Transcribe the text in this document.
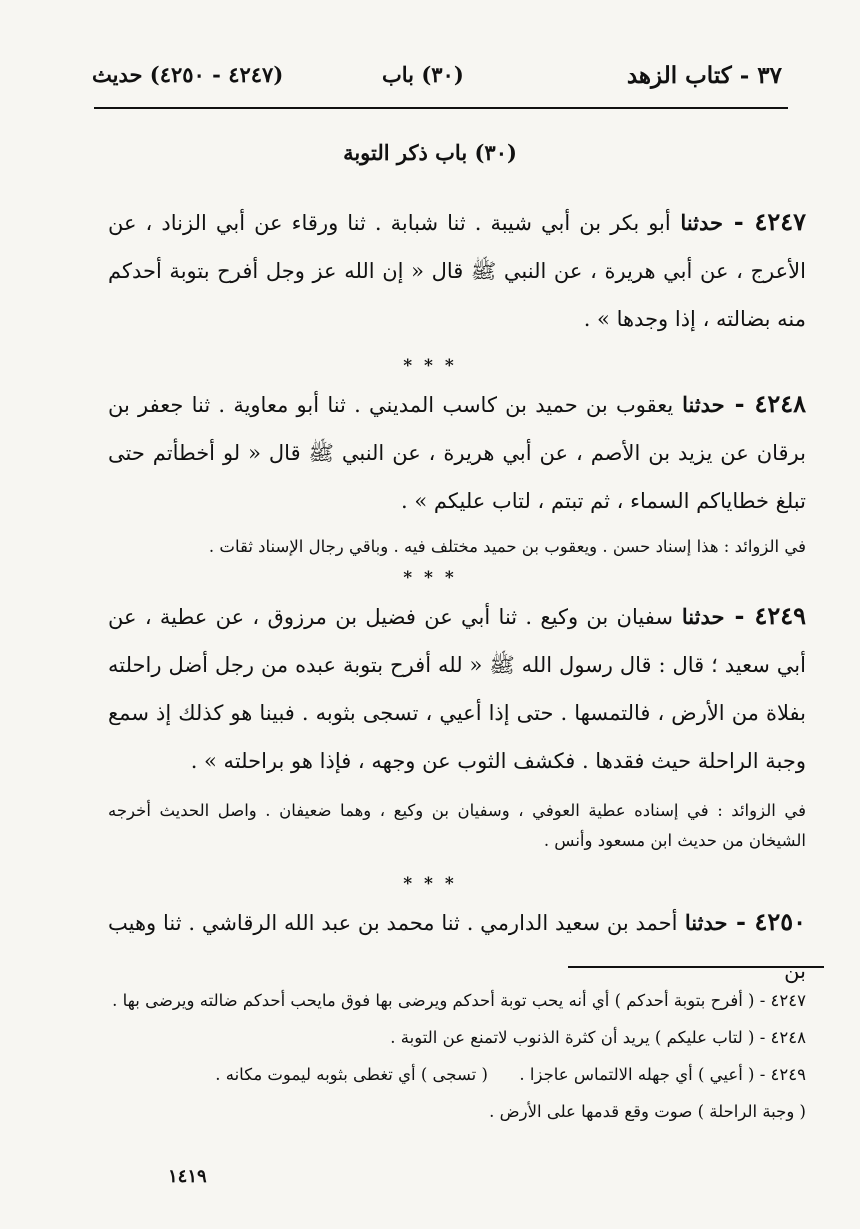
٣٧ - كتاب الزهد
(٣٠) باب
(٤٢٤٧ - ٤٢٥٠) حديث
(٣٠) باب ذكر التوبة
٤٢٤٧ - حدثنا أبو بكر بن أبي شيبة . ثنا شبابة . ثنا ورقاء عن أبي الزناد ، عن الأعرج ، عن أبي هريرة ، عن النبي ﷺ قال « إن الله عز وجل أفرح بتوبة أحدكم منه بضالته ، إذا وجدها » .
* * *
٤٢٤٨ - حدثنا يعقوب بن حميد بن كاسب المديني . ثنا أبو معاوية . ثنا جعفر بن برقان عن يزيد بن الأصم ، عن أبي هريرة ، عن النبي ﷺ قال « لو أخطأتم حتى تبلغ خطاياكم السماء ، ثم تبتم ، لتاب عليكم » .
في الزوائد : هذا إسناد حسن . ويعقوب بن حميد مختلف فيه . وباقي رجال الإسناد ثقات .
* * *
٤٢٤٩ - حدثنا سفيان بن وكيع . ثنا أبي عن فضيل بن مرزوق ، عن عطية ، عن أبي سعيد ؛ قال : قال رسول الله ﷺ « لله أفرح بتوبة عبده من رجل أضل راحلته بفلاة من الأرض ، فالتمسها . حتى إذا أعيي ، تسجى بثوبه . فبينا هو كذلك إذ سمع وجبة الراحلة حيث فقدها . فكشف الثوب عن وجهه ، فإذا هو براحلته » .
في الزوائد : في إسناده عطية العوفي ، وسفيان بن وكيع ، وهما ضعيفان . واصل الحديث أخرجه الشيخان من حديث ابن مسعود وأنس .
* * *
٤٢٥٠ - حدثنا أحمد بن سعيد الدارمي . ثنا محمد بن عبد الله الرقاشي . ثنا وهيب بن
٤٢٤٧ - ( أفرح بتوبة أحدكم ) أي أنه يحب توبة أحدكم ويرضى بها فوق مايحب أحدكم ضالته ويرضى بها .
٤٢٤٨ - ( لتاب عليكم ) يريد أن كثرة الذنوب لاتمنع عن التوبة .
٤٢٤٩ - ( أعيي ) أي جهله الالتماس عاجزا .      ( تسجى ) أي تغطى بثوبه ليموت مكانه .
( وجبة الراحلة ) صوت وقع قدمها على الأرض .
١٤١٩
